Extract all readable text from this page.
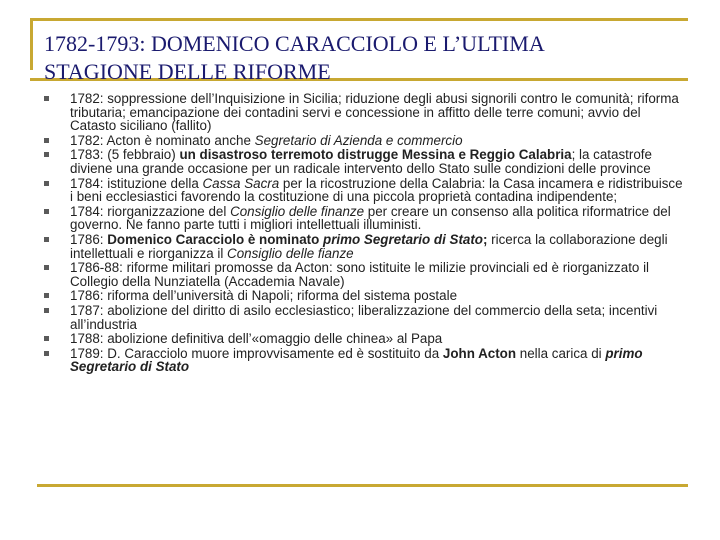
1782-1793: DOMENICO CARACCIOLO E L’ULTIMA
STAGIONE DELLE RIFORME
1782: soppressione dell’Inquisizione in Sicilia; riduzione degli abusi signorili contro le comunità; riforma tributaria; emancipazione dei contadini servi e concessione in affitto delle terre comuni; avvio del Catasto siciliano (fallito)
1782: Acton è nominato anche Segretario di Azienda e commercio
1783: (5 febbraio) un disastroso terremoto distrugge Messina e Reggio Calabria; la catastrofe diviene una grande occasione per un radicale intervento dello Stato sulle condizioni delle province
1784: istituzione della Cassa Sacra per la ricostruzione della Calabria: la Casa incamera e ridistribuisce i beni ecclesiastici favorendo la costituzione di una piccola proprietà contadina indipendente;
1784: riorganizzazione del Consiglio delle finanze per creare un consenso alla politica riformatrice del governo. Ne fanno parte tutti i migliori intellettuali illuministi.
1786: Domenico Caracciolo è nominato primo Segretario di Stato; ricerca la collaborazione degli intellettuali e riorganizza il Consiglio delle fianze
1786-88: riforme militari promosse da Acton: sono istituite le milizie provinciali ed è riorganizzato il Collegio della Nunziatella (Accademia Navale)
1786: riforma dell’università di Napoli; riforma del sistema postale
1787: abolizione del diritto di asilo ecclesiastico; liberalizzazione del commercio della seta; incentivi all’industria
1788: abolizione definitiva dell’«omaggio delle chinea» al Papa
1789: D. Caracciolo muore improvvisamente ed è sostituito da John Acton nella carica di primo Segretario di Stato
